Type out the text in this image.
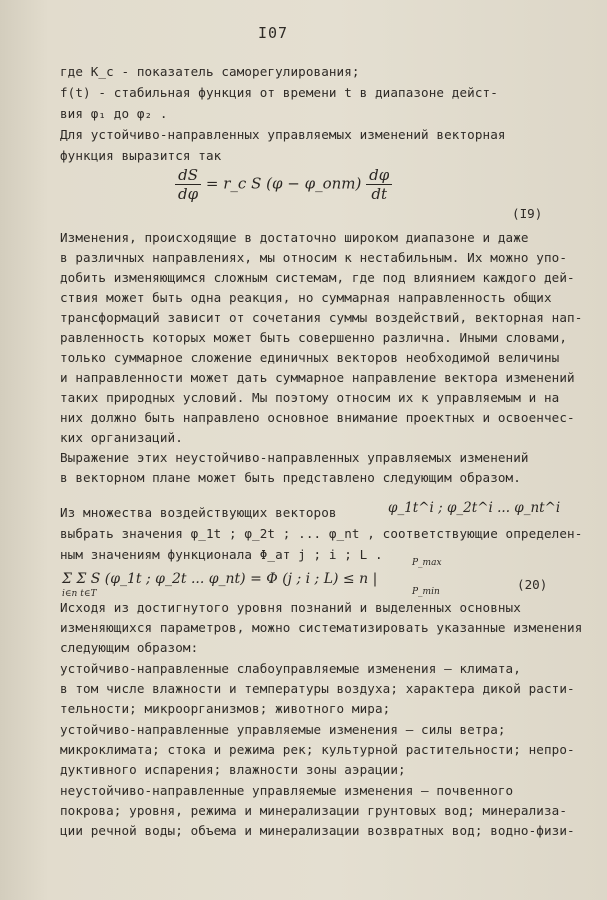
I07
где K_c - показатель саморегулирования;
f(t) - стабильная функция от времени t в диапазоне дейст-
вия φ₁ до φ₂ .
Для устойчиво-направленных управляемых изменений векторная
функция выразится так
$\frac{dS}{d\varphi}$ = r_c S (φ − φ_опт) $\frac{d\varphi}{dt}$
(I9)
Изменения, происходящие в достаточно широком диапазоне и даже
в различных направлениях, мы относим к нестабильным. Их можно упо-
добить изменяющимся сложным системам, где под влиянием каждого дей-
ствия может быть одна реакция, но суммарная направленность общих
трансформаций зависит от сочетания суммы воздействий, векторная нап-
равленность которых может быть совершенно различна. Иными словами,
только суммарное сложение единичных векторов необходимой величины
и направленности может дать суммарное направление вектора изменений
таких природных условий. Мы поэтому относим их к управляемым и на
них должно быть направлено основное внимание проектных и освоенчес-
ких организаций.
Выражение этих неустойчиво-направленных управляемых изменений
в векторном плане может быть представлено следующим образом.
Из множества воздействующих векторов	φ_1t^i ; φ_2t^i ... φ_nt^i
выбрать значения φ_1t ; φ_2t ; ... φ_nt , соответствующие определен-
ным значениям функционала Φ_ат j ; i ; L .
Σ Σ S (φ_1t ; φ_2t ... φ_nt) = Φ (j ; i ; L) ≤ n |
i∈n t∈T
P_max
P_min	(20)
Исходя из достигнутого уровня познаний и выделенных основных
изменяющихся параметров, можно систематизировать указанные изменения
следующим образом:
устойчиво-направленные слабоуправляемые изменения – климата,
в том числе влажности и температуры воздуха; характера дикой расти-
тельности; микроорганизмов; животного мира;
устойчиво-направленные управляемые изменения – силы ветра;
микроклимата; стока и режима рек; культурной растительности; непро-
дуктивного испарения; влажности зоны аэрации;
неустойчиво-направленные управляемые изменения – почвенного
покрова; уровня, режима и минерализации грунтовых вод; минерализа-
ции речной воды; объема и минерализации возвратных вод; водно-физи-
